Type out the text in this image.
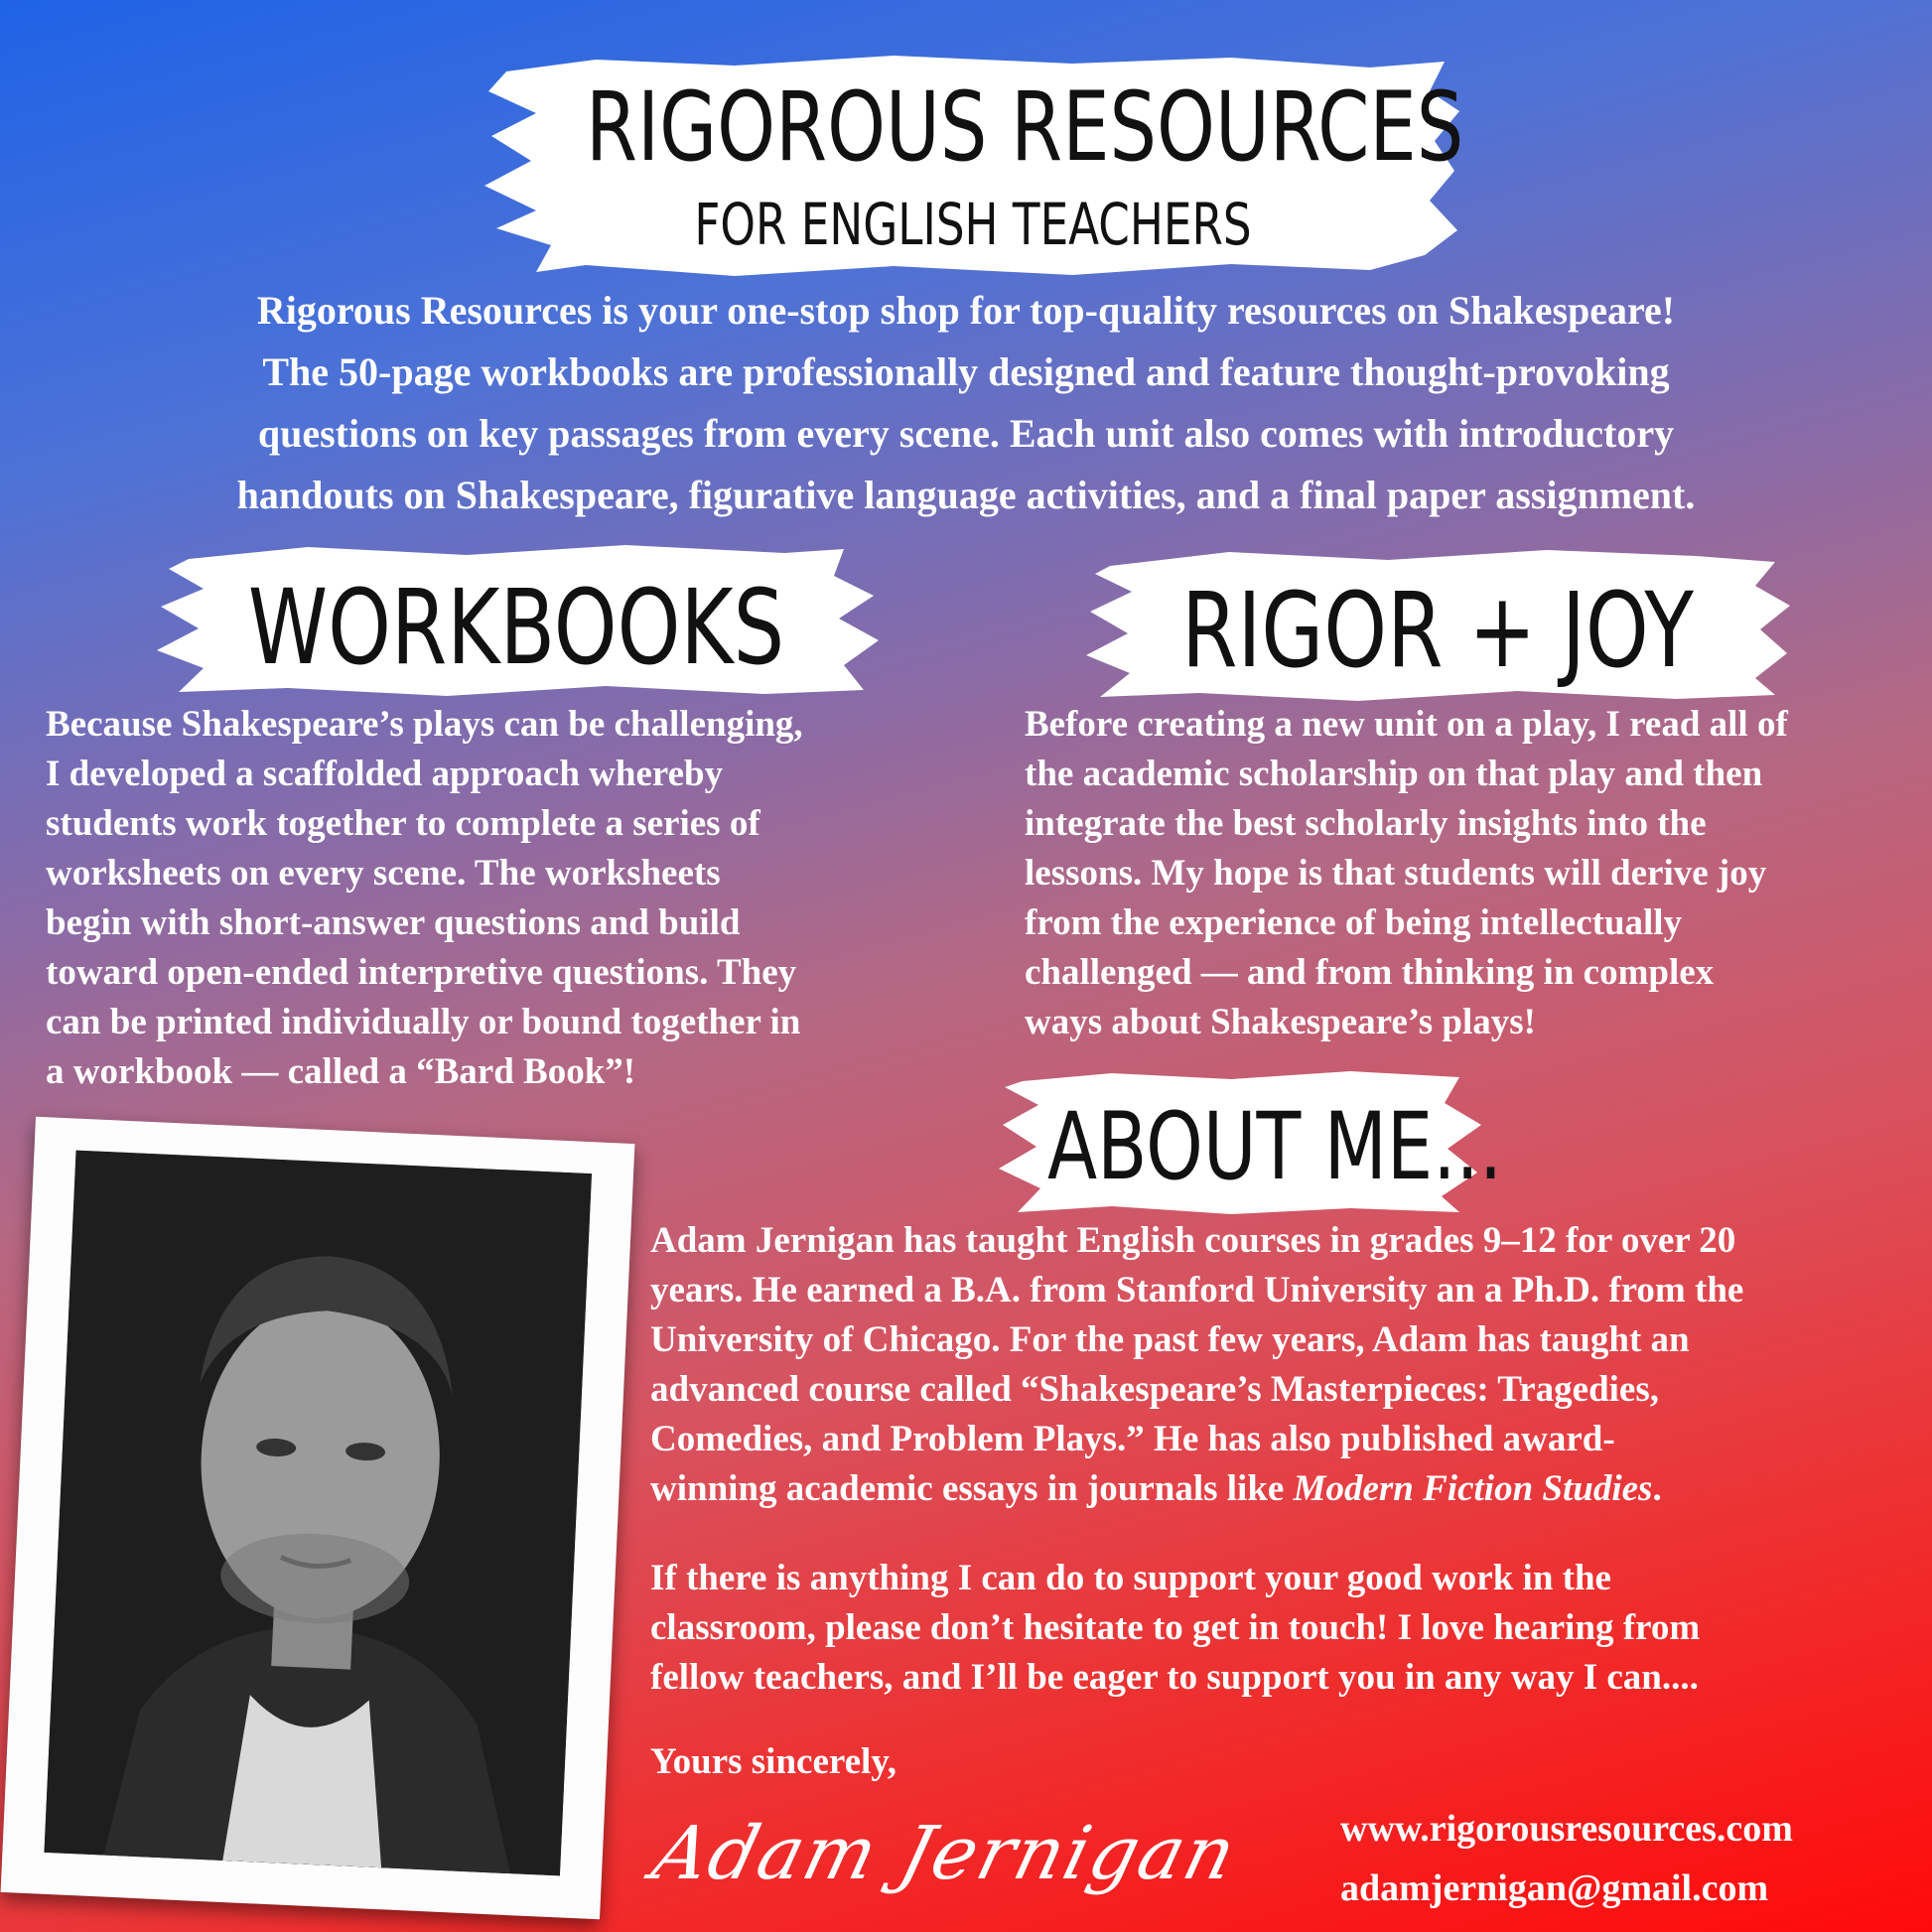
RIGOROUS RESOURCES
FOR ENGLISH TEACHERS

Rigorous Resources is your one-stop shop for top-quality resources on Shakespeare!

The 50-page workbooks are professionally designed and feature thought-provoking

questions on key passages from every scene. Each unit also comes with introductory

handouts on Shakespeare, figurative language activities, and a final paper assignment.

WORKBOOKS	RIGOR + JOY

Because Shakespeare’s plays can be challenging,

I developed a scaffolded approach whereby

students work together to complete a series of

worksheets on every scene. The worksheets

begin with short-answer questions and build

toward open-ended interpretive questions. They

can be printed individually or bound together in

a workbook — called a “Bard Book”!

Before creating a new unit on a play, I read all of

the academic scholarship on that play and then

integrate the best scholarly insights into the

lessons. My hope is that students will derive joy

from the experience of being intellectually

challenged — and from thinking in complex

ways about Shakespeare’s plays!

ABOUT ME...

Adam Jernigan has taught English courses in grades 9–12 for over 20

years. He earned a B.A. from Stanford University an a Ph.D. from the

University of Chicago. For the past few years, Adam has taught an

advanced course called “Shakespeare’s Masterpieces: Tragedies,

Comedies, and Problem Plays.” He has also published award-

winning academic essays in journals like Modern Fiction Studies.

If there is anything I can do to support your good work in the

classroom, please don’t hesitate to get in touch! I love hearing from

fellow teachers, and I’ll be eager to support you in any way I can....

Yours sincerely,

Adam Jernigan	www.rigorousresources.com
adamjernigan@gmail.com
